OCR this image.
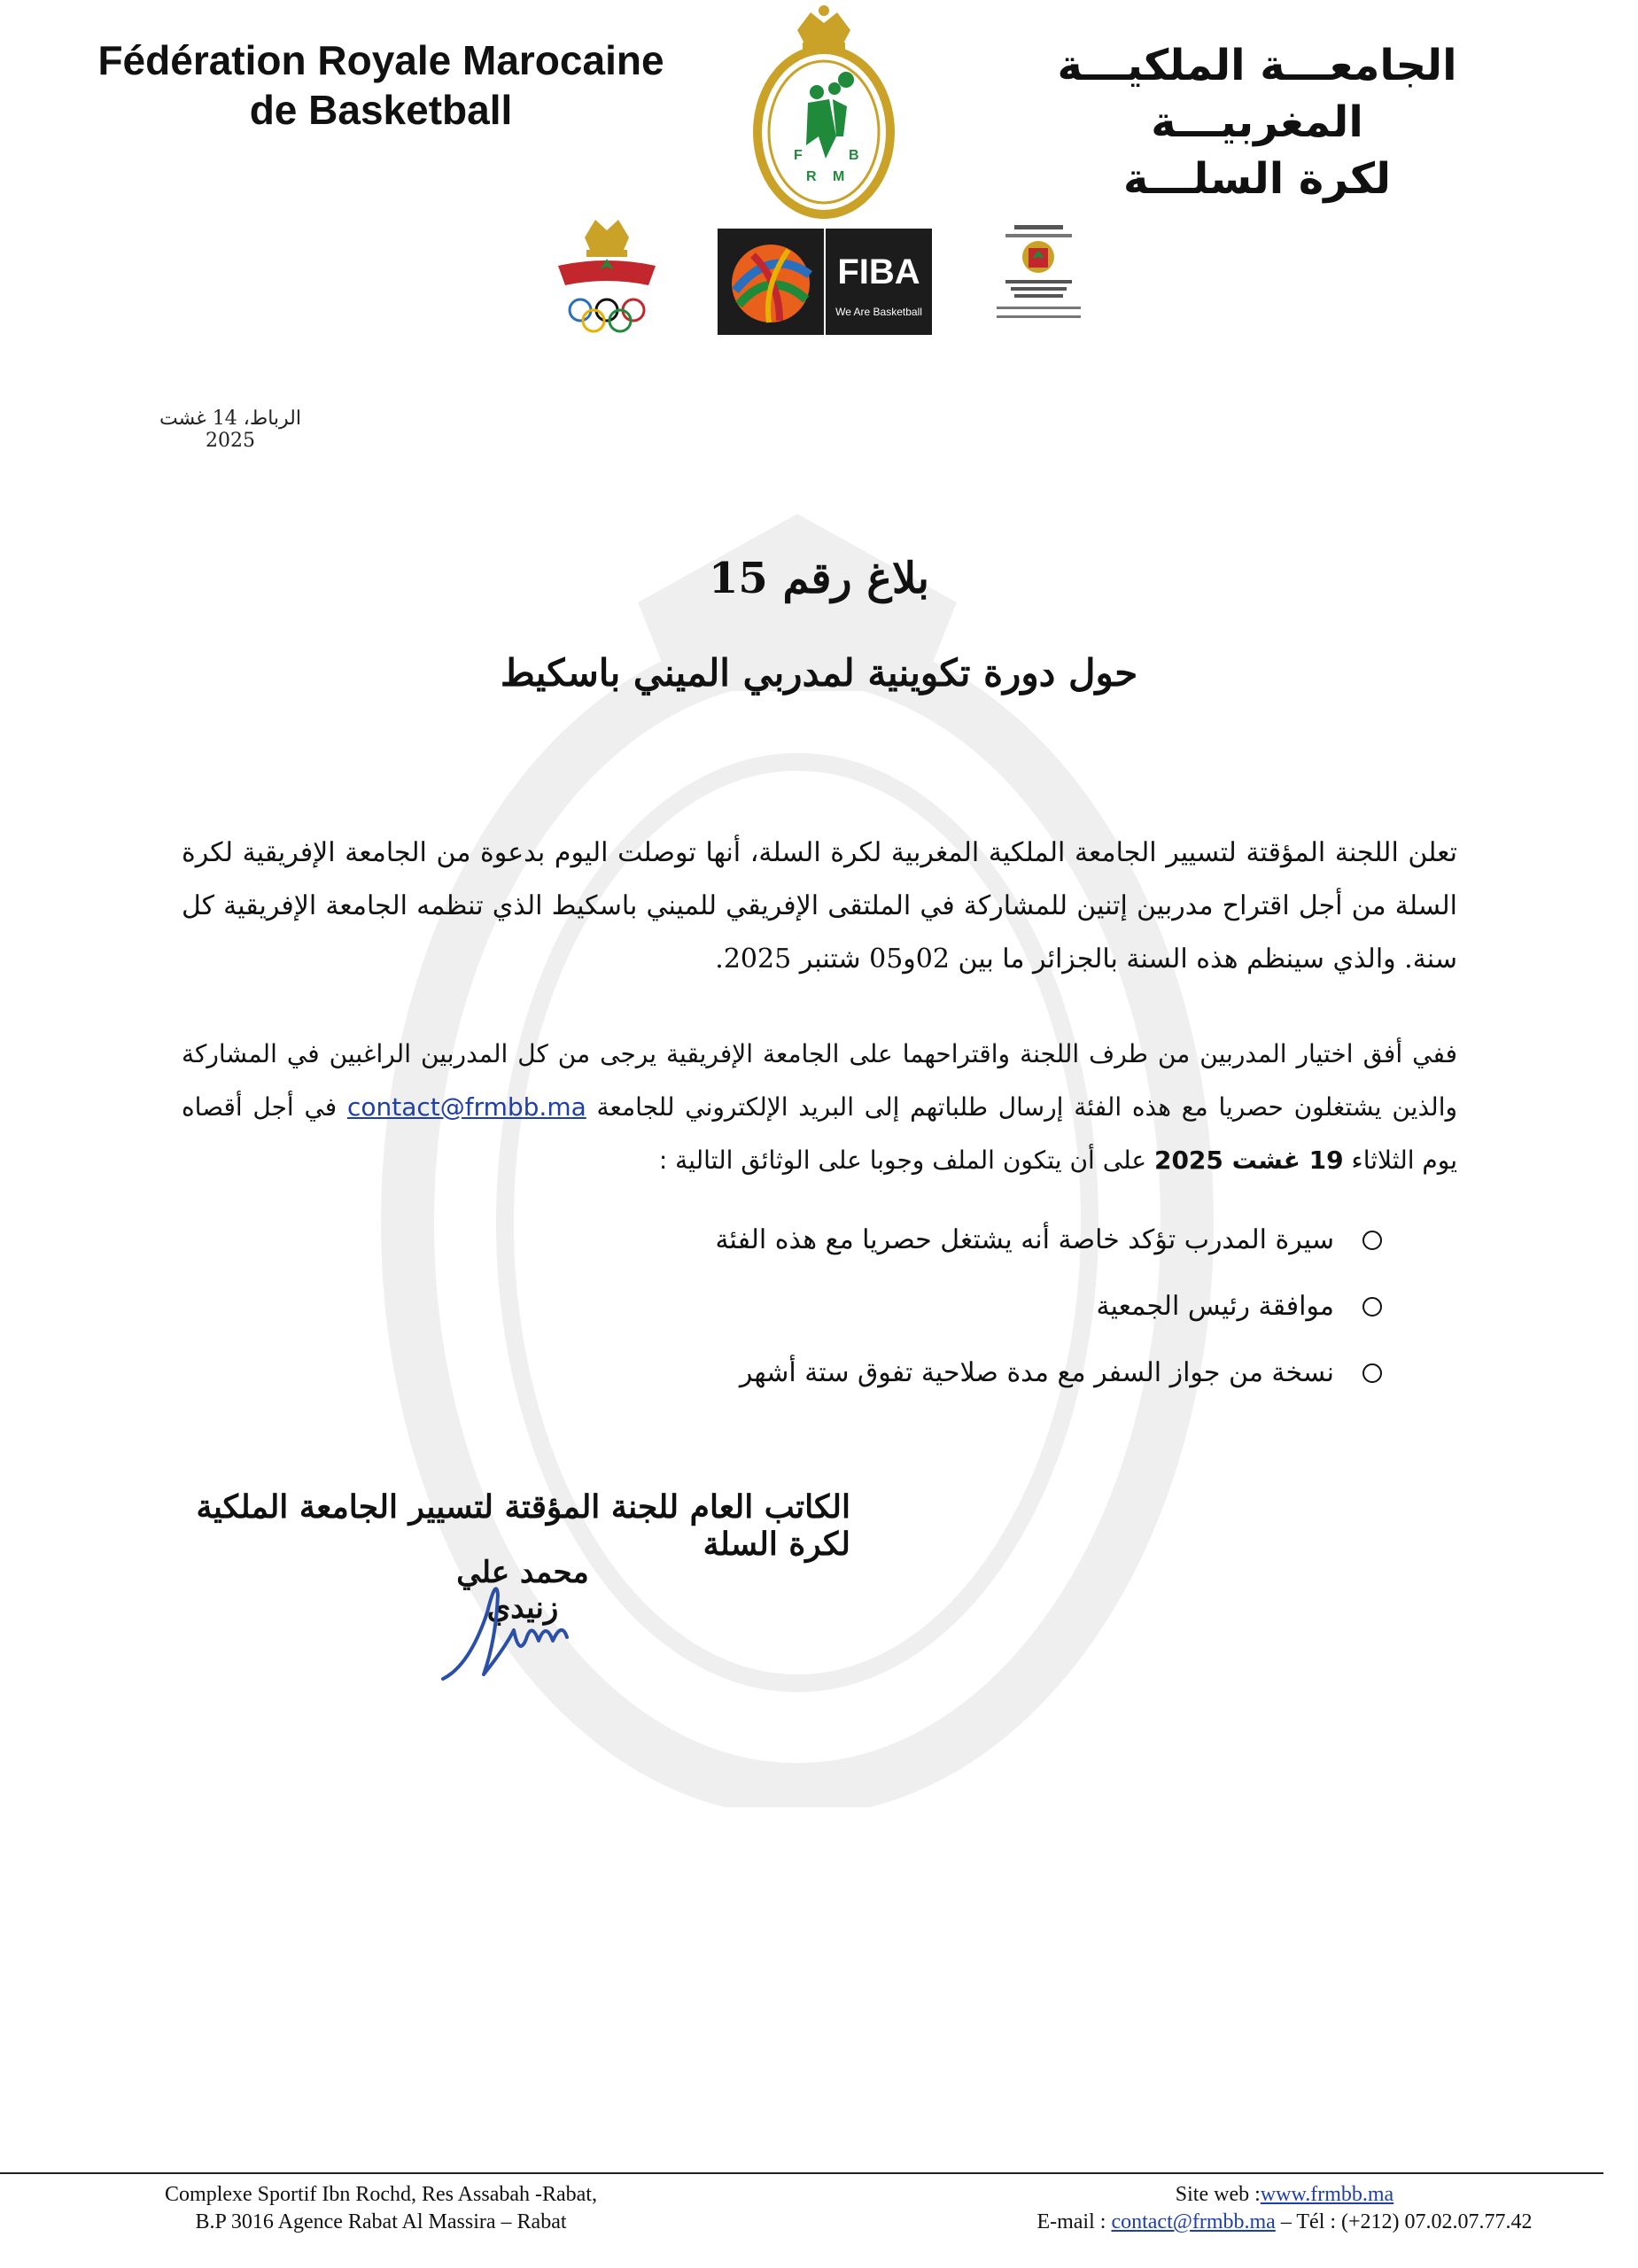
Fédération Royale Marocaine
de Basketball
F	B
R M
الجامعـــة الملكيـــة المغربيـــة
لكرة السلـــة
FIBA
We Are Basketball
الرباط، 14 غشت 2025
بلاغ رقم 15
حول دورة تكوينية لمدربي الميني باسكيط
تعلن اللجنة المؤقتة لتسيير الجامعة الملكية المغربية لكرة السلة، أنها توصلت اليوم بدعوة من الجامعة الإفريقية لكرة السلة من أجل اقتراح مدربين إتنين للمشاركة في الملتقى الإفريقي للميني باسكيط الذي تنظمه الجامعة الإفريقية كل سنة. والذي سينظم هذه السنة بالجزائر ما بين 02و05 شتنبر 2025.
ففي أفق اختيار المدربين من طرف اللجنة واقتراحهما على الجامعة الإفريقية يرجى من كل المدربين الراغبين في المشاركة والذين يشتغلون حصريا مع هذه الفئة إرسال طلباتهم إلى البريد الإلكتروني للجامعة contact@frmbb.ma في أجل أقصاه يوم الثلاثاء 19 غشت 2025 على أن يتكون الملف وجوبا على الوثائق التالية :
سيرة المدرب تؤكد خاصة أنه يشتغل حصريا مع هذه الفئة
موافقة رئيس الجمعية
نسخة من جواز السفر مع مدة صلاحية تفوق ستة أشهر
الكاتب العام للجنة المؤقتة لتسيير الجامعة الملكية لكرة السلة
محمد علي زنيدي
Complexe Sportif Ibn Rochd, Res Assabah -Rabat,
B.P 3016 Agence Rabat Al Massira – Rabat
Site web :www.frmbb.ma
E-mail : contact@frmbb.ma – Tél : (+212) 07.02.07.77.42
